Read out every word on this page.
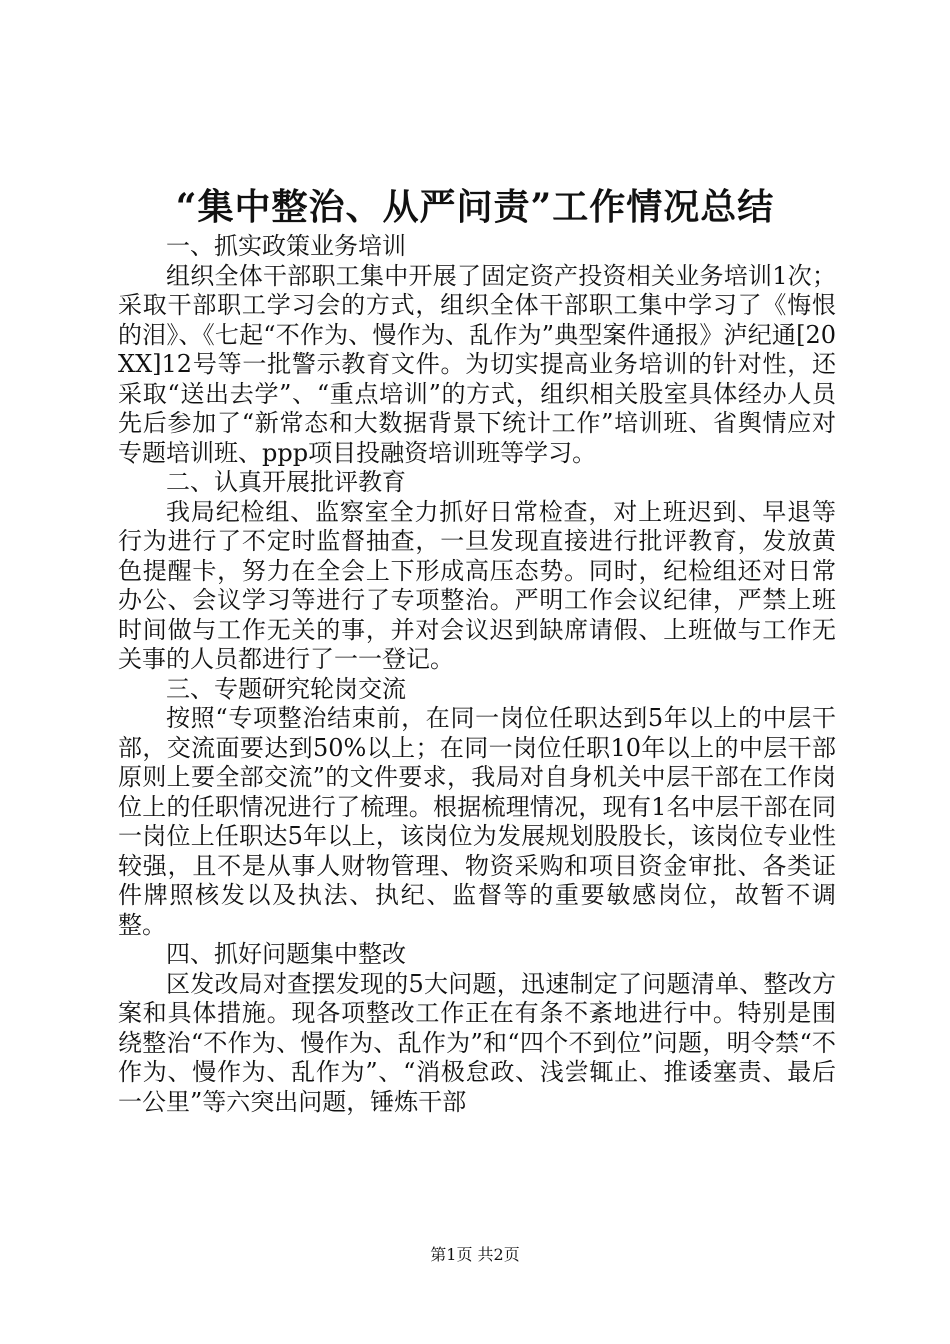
“集中整治、从严问责”工作情况总结
一、抓实政策业务培训

组织全体干部职工集中开展了固定资产投资相关业务培训1次；采取干部职工学习会的方式，组织全体干部职工集中学习了《悔恨的泪》、《七起“不作为、慢作为、乱作为”典型案件通报》泸纪通[20XX]12号等一批警示教育文件。为切实提高业务培训的针对性，还采取“送出去学”、“重点培训”的方式，组织相关股室具体经办人员先后参加了“新常态和大数据背景下统计工作”培训班、省舆情应对专题培训班、ppp项目投融资培训班等学习。

二、认真开展批评教育

我局纪检组、监察室全力抓好日常检查，对上班迟到、早退等行为进行了不定时监督抽查，一旦发现直接进行批评教育，发放黄色提醒卡，努力在全会上下形成高压态势。同时，纪检组还对日常办公、会议学习等进行了专项整治。严明工作会议纪律，严禁上班时间做与工作无关的事，并对会议迟到缺席请假、上班做与工作无关事的人员都进行了一一登记。

三、专题研究轮岗交流

按照“专项整治结束前，在同一岗位任职达到5年以上的中层干部，交流面要达到50%以上；在同一岗位任职10年以上的中层干部原则上要全部交流”的文件要求，我局对自身机关中层干部在工作岗位上的任职情况进行了梳理。根据梳理情况，现有1名中层干部在同一岗位上任职达5年以上，该岗位为发展规划股股长，该岗位专业性较强，且不是从事人财物管理、物资采购和项目资金审批、各类证件牌照核发以及执法、执纪、监督等的重要敏感岗位，故暂不调整。

四、抓好问题集中整改

区发改局对查摆发现的5大问题，迅速制定了问题清单、整改方案和具体措施。现各项整改工作正在有条不紊地进行中。特别是围绕整治“不作为、慢作为、乱作为”和“四个不到位”问题，明令禁“不作为、慢作为、乱作为”、“消极怠政、浅尝辄止、推诿塞责、最后一公里”等六突出问题，锤炼干部

第1页 共2页
